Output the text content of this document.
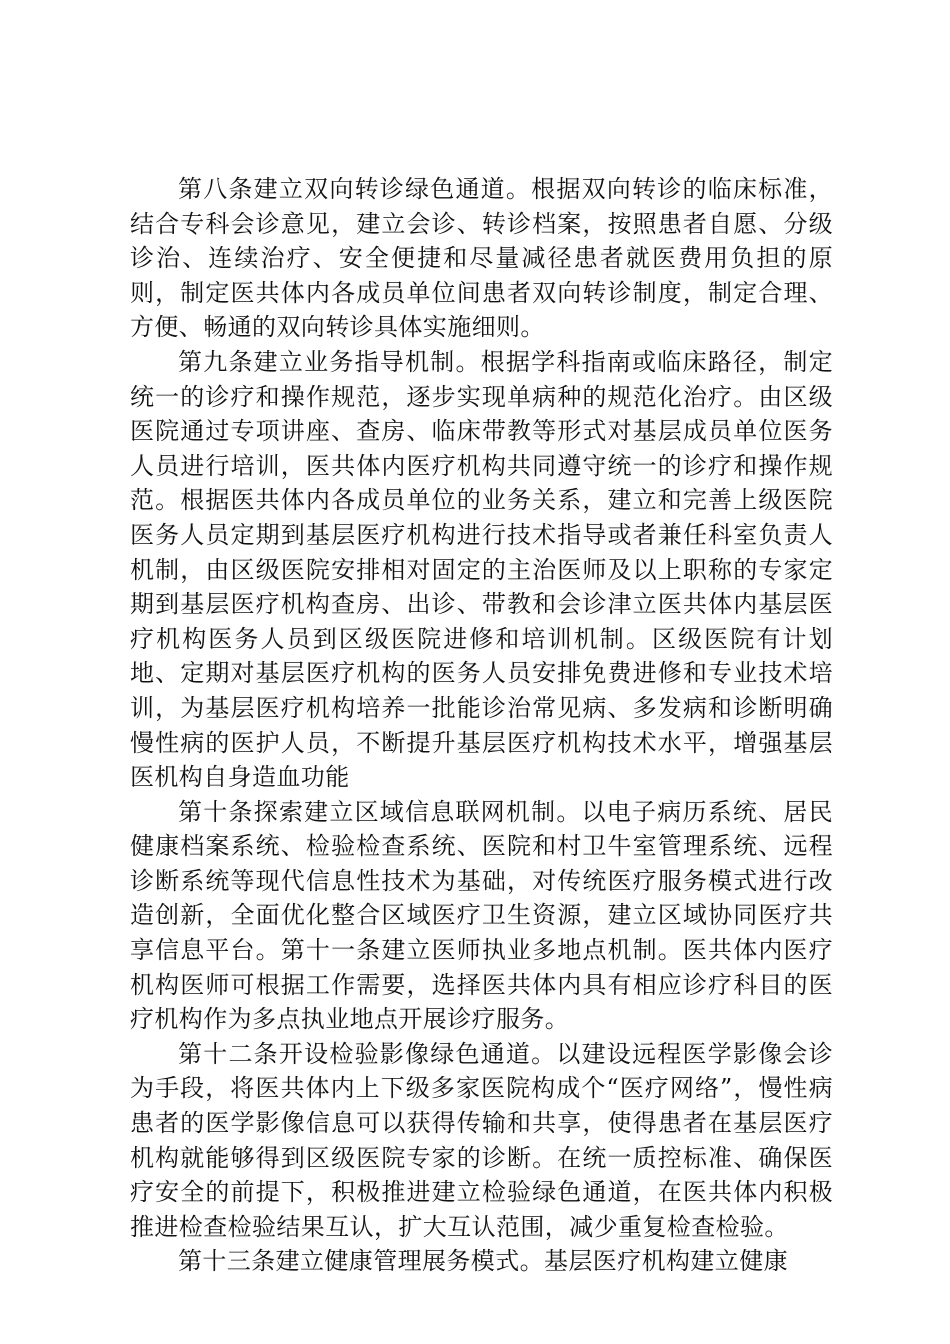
第八条建立双向转诊绿色通道。根据双向转诊的临床标准，结合专科会诊意见，建立会诊、转诊档案，按照患者自愿、分级诊治、连续治疗、安全便捷和尽量减径患者就医费用负担的原则，制定医共体内各成员单位间患者双向转诊制度，制定合理、方便、畅通的双向转诊具体实施细则。

第九条建立业务指导机制。根据学科指南或临床路径，制定统一的诊疗和操作规范，逐步实现单病种的规范化治疗。由区级医院通过专项讲座、查房、临床带教等形式对基层成员单位医务人员进行培训，医共体内医疗机构共同遵守统一的诊疗和操作规范。根据医共体内各成员单位的业务关系，建立和完善上级医院医务人员定期到基层医疗机构进行技术指导或者兼任科室负责人机制，由区级医院安排相对固定的主治医师及以上职称的专家定期到基层医疗机构查房、出诊、带教和会诊津立医共体内基层医疗机构医务人员到区级医院进修和培训机制。区级医院有计划地、定期对基层医疗机构的医务人员安排免费进修和专业技术培训，为基层医疗机构培养一批能诊治常见病、多发病和诊断明确慢性病的医护人员，不断提升基层医疗机构技术水平，增强基层医机构自身造血功能

第十条探索建立区域信息联网机制。以电子病历系统、居民健康档案系统、检验检查系统、医院和村卫牛室管理系统、远程诊断系统等现代信息性技术为基础，对传统医疗服务模式进行改造创新，全面优化整合区域医疗卫生资源，建立区域协同医疗共享信息平台。第十一条建立医师执业多地点机制。医共体内医疗机构医师可根据工作需要，选择医共体内具有相应诊疗科目的医疗机构作为多点执业地点开展诊疗服务。

第十二条开设检验影像绿色通道。以建设远程医学影像会诊为手段，将医共体内上下级多家医院构成个“医疗网络”，慢性病患者的医学影像信息可以获得传输和共享，使得患者在基层医疗机构就能够得到区级医院专家的诊断。在统一质控标准、确保医疗安全的前提下，积极推进建立检验绿色通道，在医共体内积极推进检查检验结果互认，扩大互认范围，减少重复检查检验。

第十三条建立健康管理展务模式。基层医疗机构建立健康
